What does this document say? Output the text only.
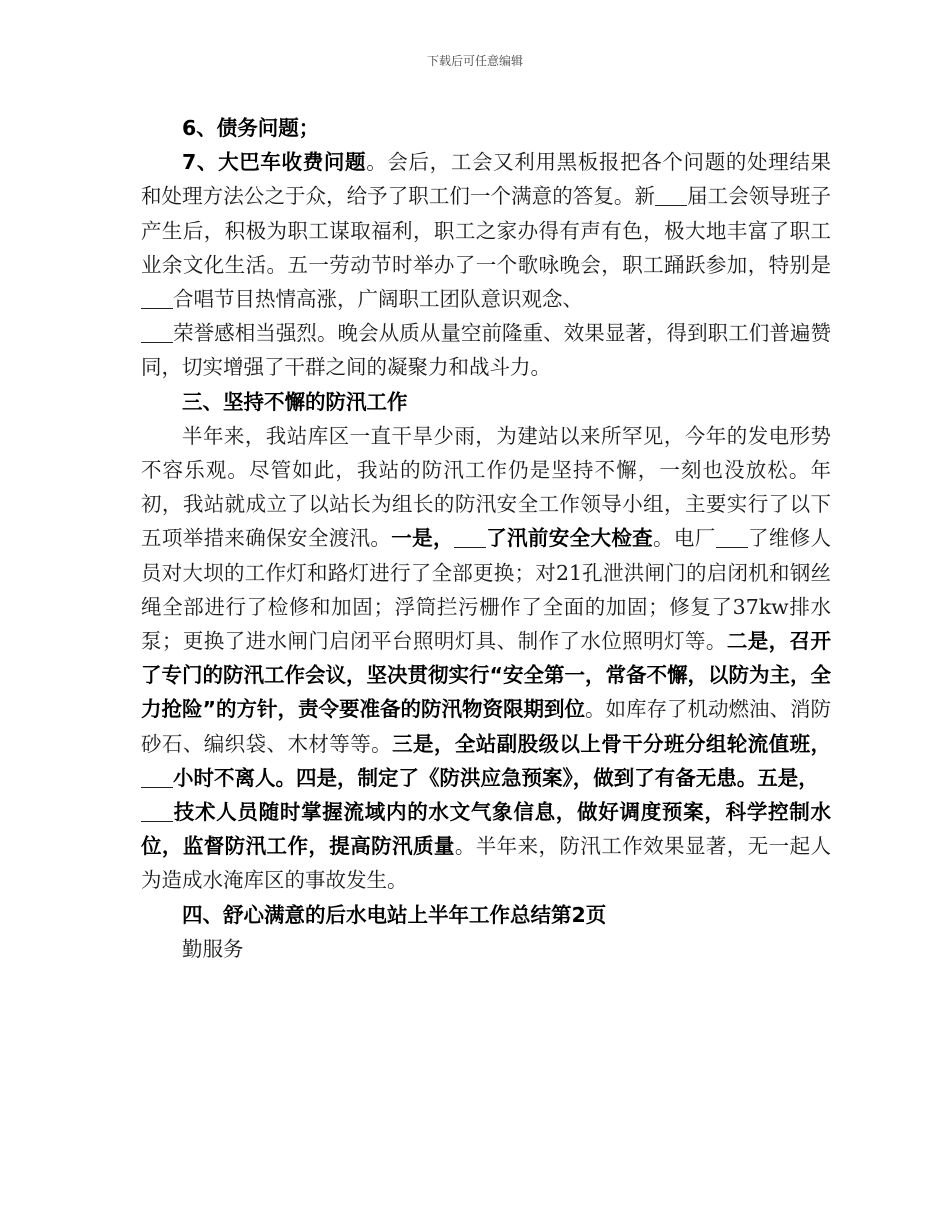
下载后可任意编辑

6、债务问题；

7、大巴车收费问题。会后，工会又利用黑板报把各个问题的处理结果和处理方法公之于众，给予了职工们一个满意的答复。新 届工会领导班子产生后，积极为职工谋取福利，职工之家办得有声有色，极大地丰富了职工业余文化生活。五一劳动节时举办了一个歌咏晚会，职工踊跃参加，特别是合唱节目热情高涨，广阔职工团队意识观念、
荣誉感相当强烈。晚会从质从量空前隆重、效果显著，得到职工们普遍赞同，切实增强了干群之间的凝聚力和战斗力。

三、坚持不懈的防汛工作

半年来，我站库区一直干旱少雨，为建站以来所罕见，今年的发电形势不容乐观。尽管如此，我站的防汛工作仍是坚持不懈，一刻也没放松。年初，我站就成立了以站长为组长的防汛安全工作领导小组，主要实行了以下五项举措来确保安全渡汛。一是， 了汛前安全大检查。电厂 了维修人员对大坝的工作灯和路灯进行了全部更换；对21孔泄洪闸门的启闭机和钢丝绳全部进行了检修和加固；浮筒拦污栅作了全面的加固；修复了37kw排水泵；更换了进水闸门启闭平台照明灯具、制作了水位照明灯等。二是，召开了专门的防汛工作会议，坚决贯彻实行“安全第一，常备不懈，以防为主，全力抢险”的方针，责令要准备的防汛物资限期到位。如库存了机动燃油、消防砂石、编织袋、木材等等。三是，全站副股级以上骨干分班分组轮流值班，小时不离人。四是，制定了《防洪应急预案》，做到了有备无患。五是，
技术人员随时掌握流域内的水文气象信息，做好调度预案，科学控制水位，监督防汛工作，提高防汛质量。半年来，防汛工作效果显著，无一起人为造成水淹库区的事故发生。

四、舒心满意的后水电站上半年工作总结第2页

勤服务
